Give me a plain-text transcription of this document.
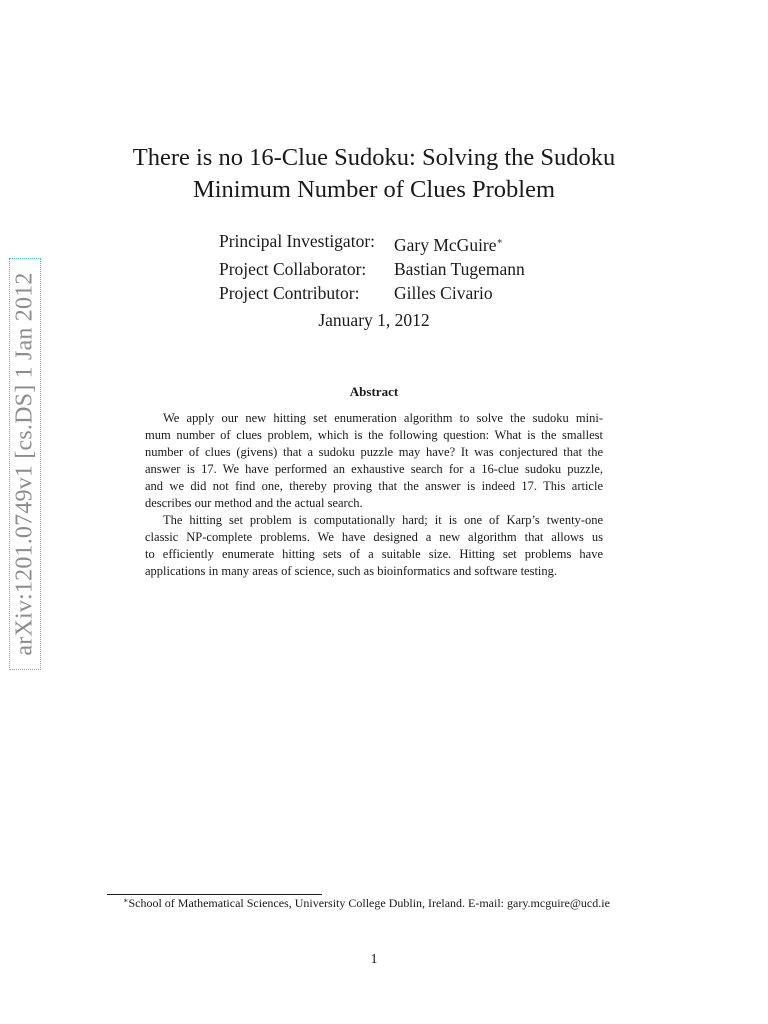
arXiv:1201.0749v1 [cs.DS] 1 Jan 2012
There is no 16-Clue Sudoku: Solving the Sudoku
Minimum Number of Clues Problem
Principal Investigator:	Gary McGuire∗
Project Collaborator:	Bastian Tugemann
Project Contributor:	Gilles Civario
January 1, 2012
Abstract
We apply our new hitting set enumeration algorithm to solve the sudoku mini-
mum number of clues problem, which is the following question: What is the smallest
number of clues (givens) that a sudoku puzzle may have? It was conjectured that the
answer is 17. We have performed an exhaustive search for a 16-clue sudoku puzzle,
and we did not find one, thereby proving that the answer is indeed 17. This article
describes our method and the actual search.
The hitting set problem is computationally hard; it is one of Karp’s twenty-one
classic NP-complete problems. We have designed a new algorithm that allows us
to efficiently enumerate hitting sets of a suitable size. Hitting set problems have
applications in many areas of science, such as bioinformatics and software testing.
∗School of Mathematical Sciences, University College Dublin, Ireland. E-mail: gary.mcguire@ucd.ie
1
